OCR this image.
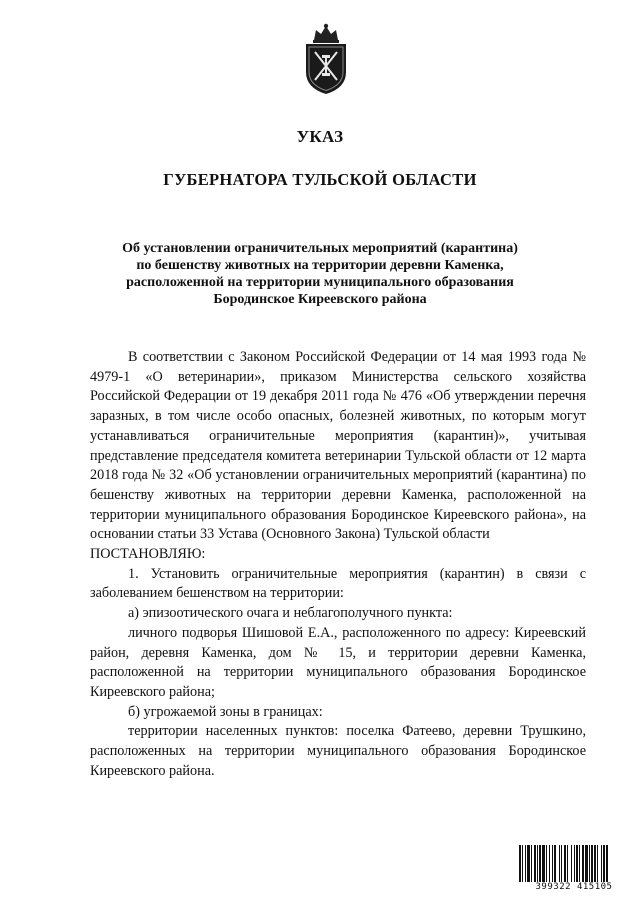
УКАЗ
ГУБЕРНАТОРА ТУЛЬСКОЙ ОБЛАСТИ
Об установлении ограничительных мероприятий (карантина)
по бешенству животных на территории деревни Каменка,
расположенной на территории муниципального образования
Бородинское Киреевского района

В соответствии с Законом Российской Федерации от 14 мая 1993 года № 4979-1 «О ветеринарии», приказом Министерства сельского хозяйства Российской Федерации от 19 декабря 2011 года № 476 «Об утверждении перечня заразных, в том числе особо опасных, болезней животных, по которым могут устанавливаться ограничительные мероприятия (карантин)», учитывая представление председателя комитета ветеринарии Тульской области от 12 марта 2018 года № 32 «Об установлении ограничительных мероприятий (карантина) по бешенству животных на территории деревни Каменка, расположенной на территории муниципального образования Бородинское Киреевского района», на основании статьи 33 Устава (Основного Закона) Тульской области

ПОСТАНОВЛЯЮ:

1. Установить ограничительные мероприятия (карантин) в связи с заболеванием бешенством на территории:

а) эпизоотического очага и неблагополучного пункта:

личного подворья Шишовой Е.А., расположенного по адресу: Киреевский район, деревня Каменка, дом № 15, и территории деревни Каменка, расположенной на территории муниципального образования Бородинское Киреевского района;

б) угрожаемой зоны в границах:

территории населенных пунктов: поселка Фатеево, деревни Трушкино, расположенных на территории муниципального образования Бородинское Киреевского района.

399322 415105
